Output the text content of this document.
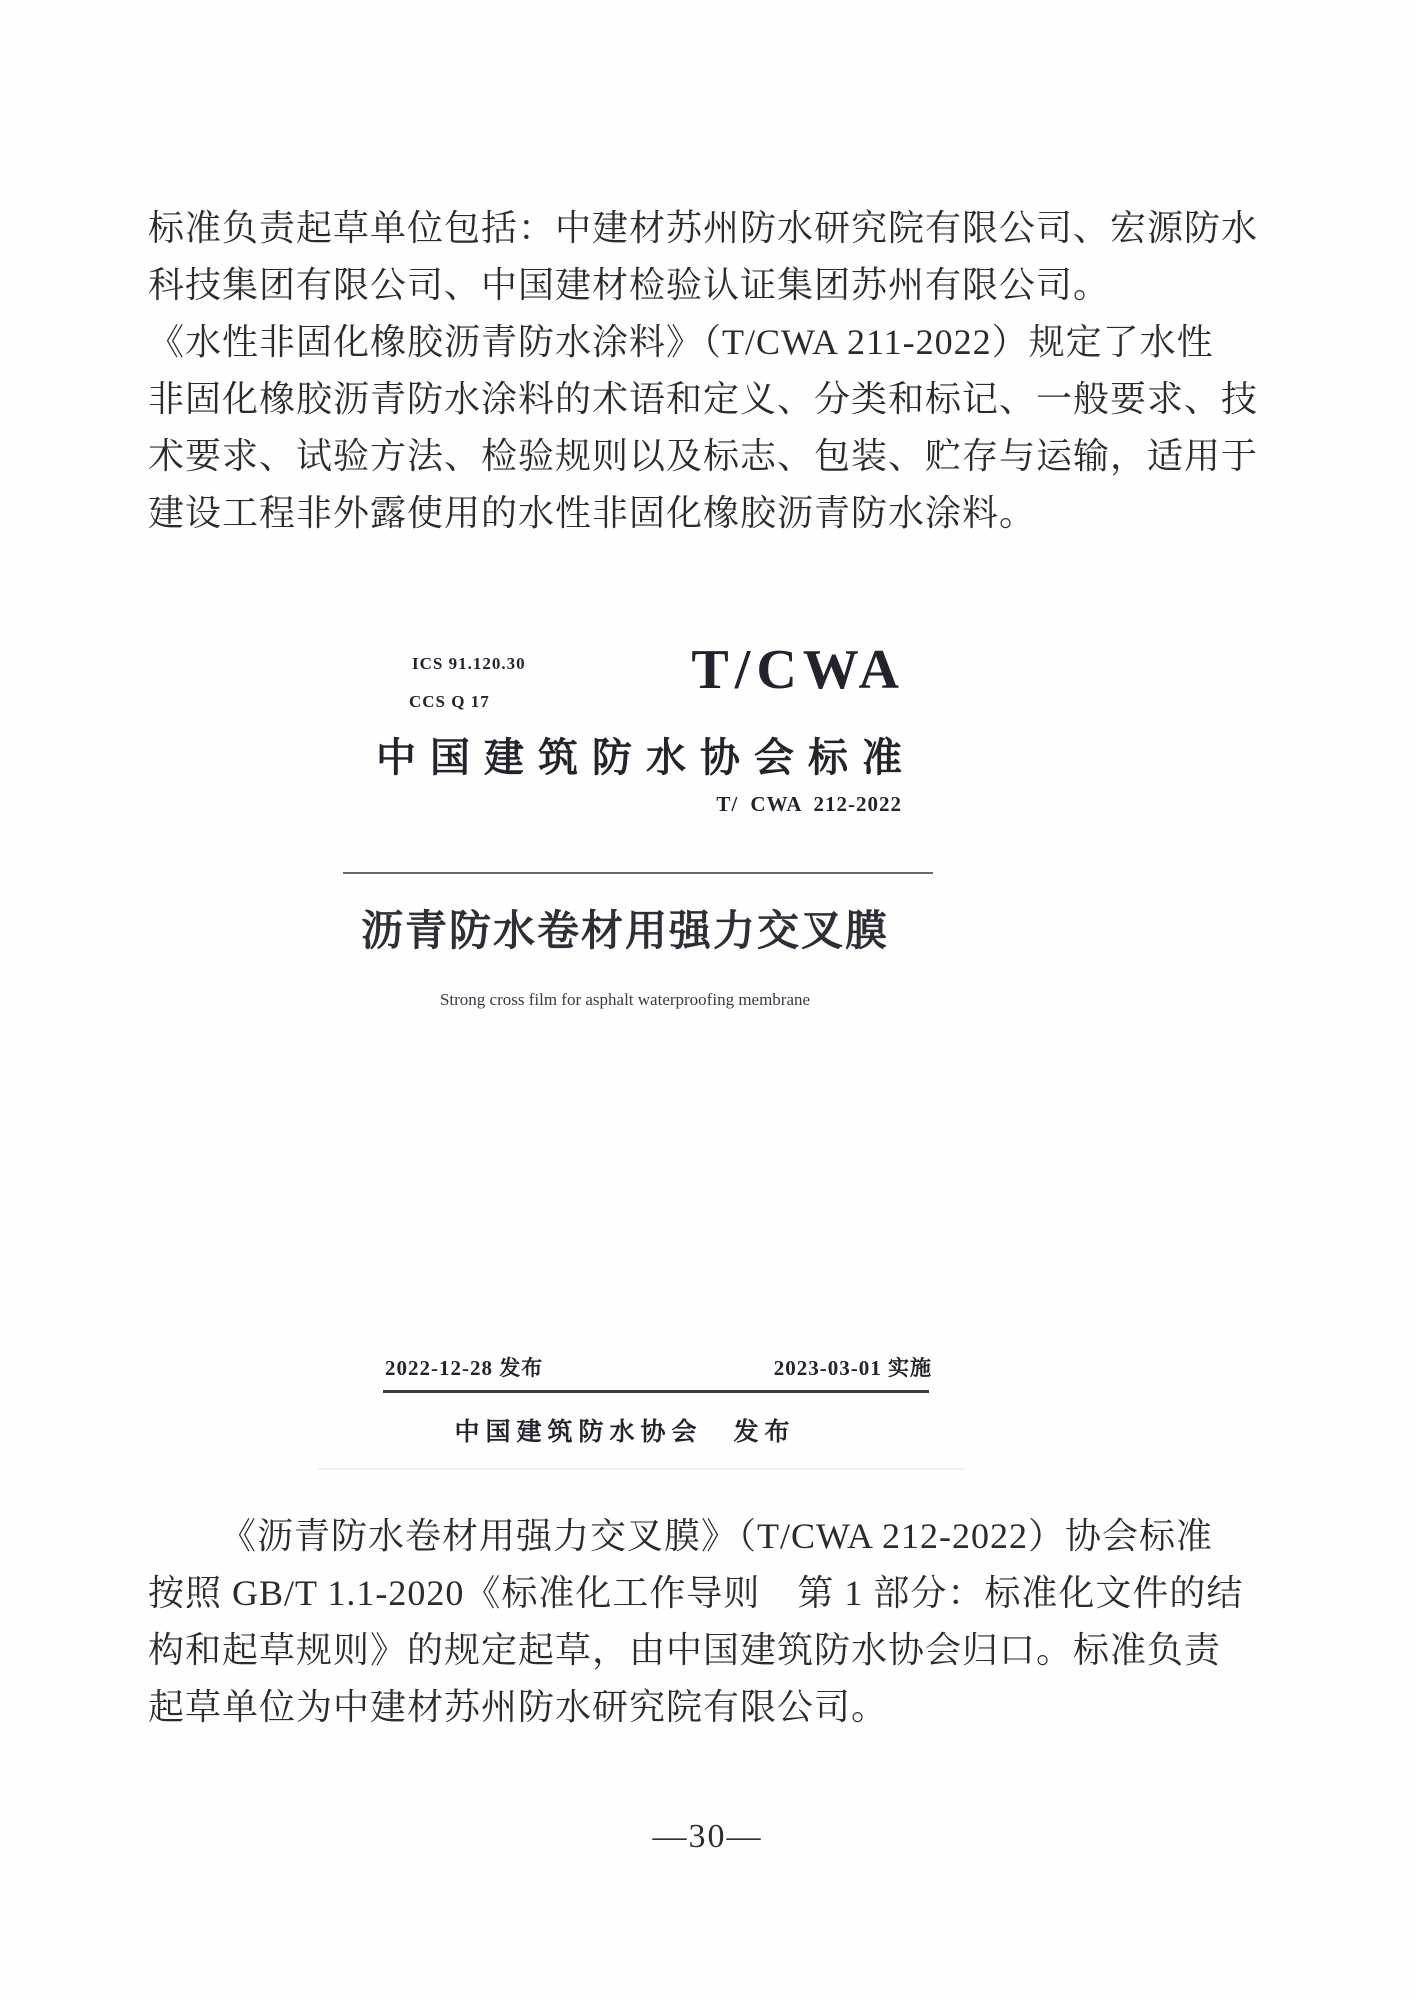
标准负责起草单位包括：中建材苏州防水研究院有限公司、宏源防水
科技集团有限公司、中国建材检验认证集团苏州有限公司。
《水性非固化橡胶沥青防水涂料》（T/CWA 211-2022）规定了水性
非固化橡胶沥青防水涂料的术语和定义、分类和标记、一般要求、技
术要求、试验方法、检验规则以及标志、包装、贮存与运输，适用于
建设工程非外露使用的水性非固化橡胶沥青防水涂料。
ICS 91.120.30
CCS Q 17
T/CWA
中国建筑防水协会标准
T/ CWA 212-2022
沥青防水卷材用强力交叉膜
Strong cross film for asphalt waterproofing membrane
2022-12-28 发布	2023-03-01 实施
中国建筑防水协会　发布
《沥青防水卷材用强力交叉膜》（T/CWA 212-2022）协会标准
按照 GB/T 1.1-2020《标准化工作导则　第 1 部分：标准化文件的结
构和起草规则》的规定起草，由中国建筑防水协会归口。标准负责
起草单位为中建材苏州防水研究院有限公司。
—30—
